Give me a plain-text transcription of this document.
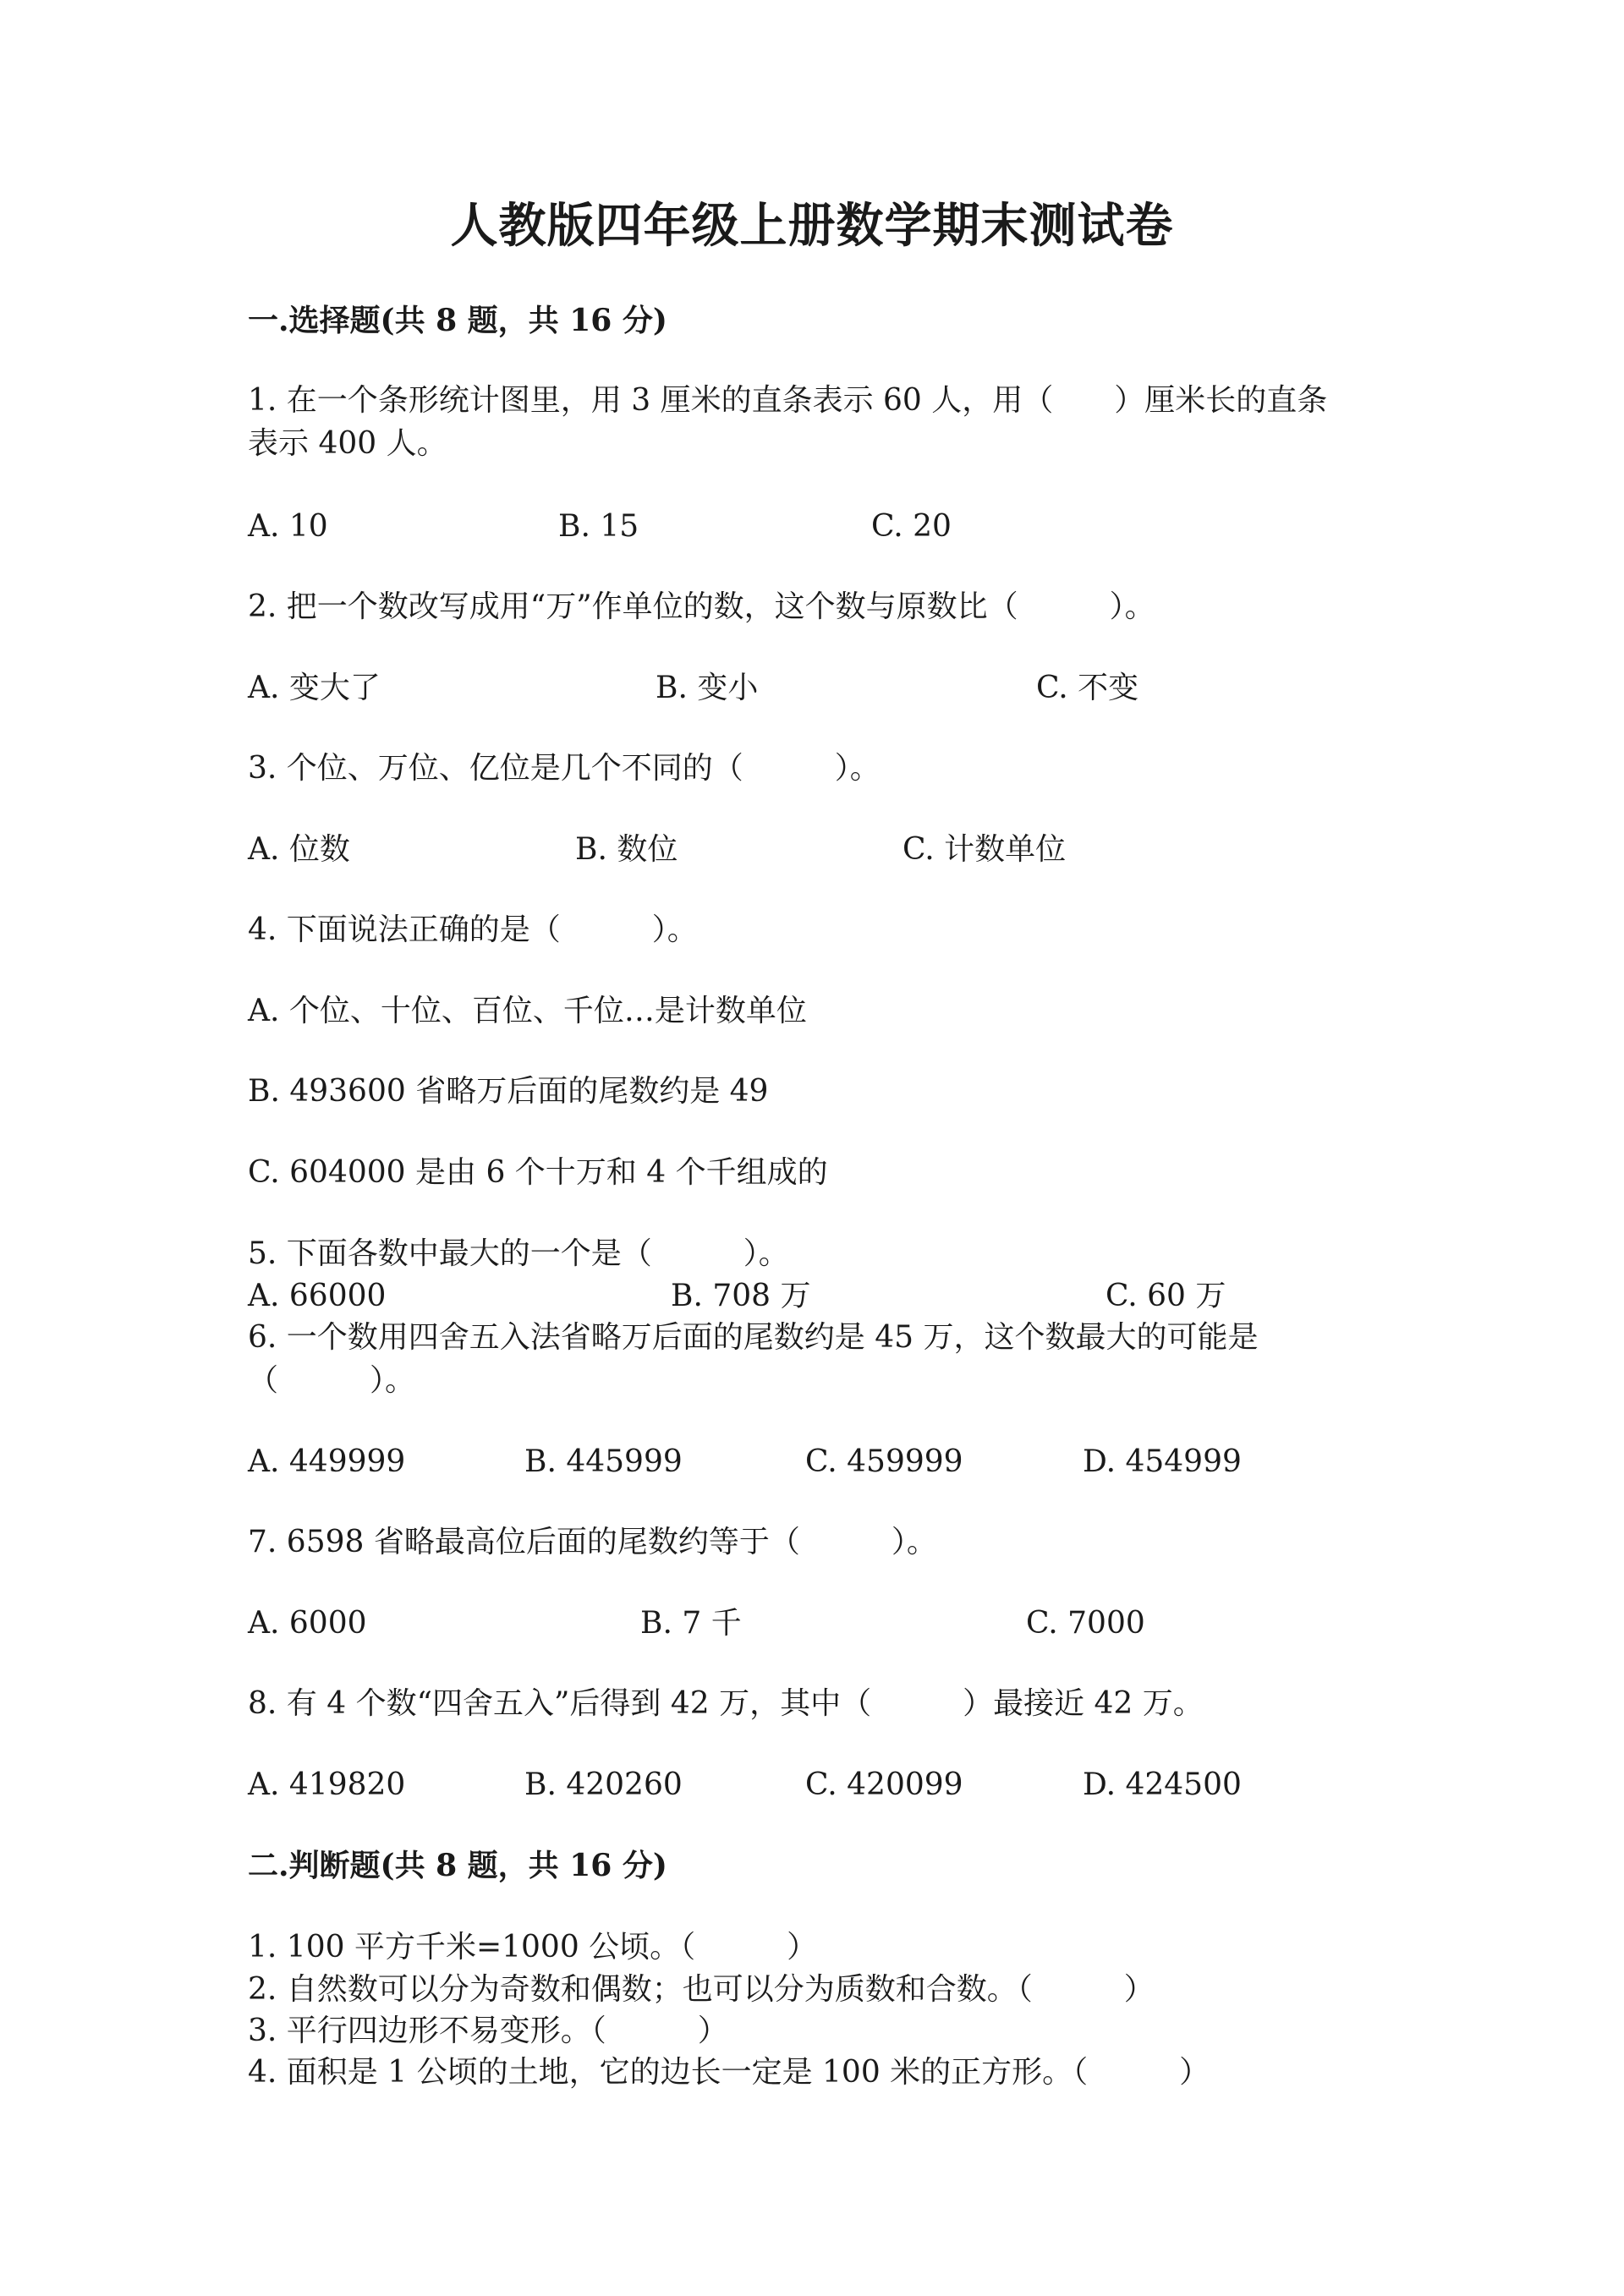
人教版四年级上册数学期末测试卷
一.选择题(共 8 题，共 16 分)
1. 在一个条形统计图里，用 3 厘米的直条表示 60 人，用（　　）厘米长的直条
表示 400 人。
A. 10	B. 15	C. 20
2. 把一个数改写成用“万”作单位的数，这个数与原数比（　　　）。
A. 变大了	B. 变小	C. 不变
3. 个位、万位、亿位是几个不同的（　　　）。
A. 位数	B. 数位	C. 计数单位
4. 下面说法正确的是（　　　）。
A. 个位、十位、百位、千位…是计数单位
B. 493600 省略万后面的尾数约是 49
C. 604000 是由 6 个十万和 4 个千组成的
5. 下面各数中最大的一个是（　　　）。
A. 66000	B. 708 万	C. 60 万
6. 一个数用四舍五入法省略万后面的尾数约是 45 万，这个数最大的可能是
（　　　）。
A. 449999	B. 445999	C. 459999	D. 454999
7. 6598 省略最高位后面的尾数约等于（　　　）。
A. 6000	B. 7 千	C. 7000
8. 有 4 个数“四舍五入”后得到 42 万，其中（　　　）最接近 42 万。
A. 419820	B. 420260	C. 420099	D. 424500
二.判断题(共 8 题，共 16 分)
1. 100 平方千米=1000 公顷。（　　　）
2. 自然数可以分为奇数和偶数；也可以分为质数和合数。（　　　）
3. 平行四边形不易变形。（　　　）
4. 面积是 1 公顷的土地，它的边长一定是 100 米的正方形。（　　　）
